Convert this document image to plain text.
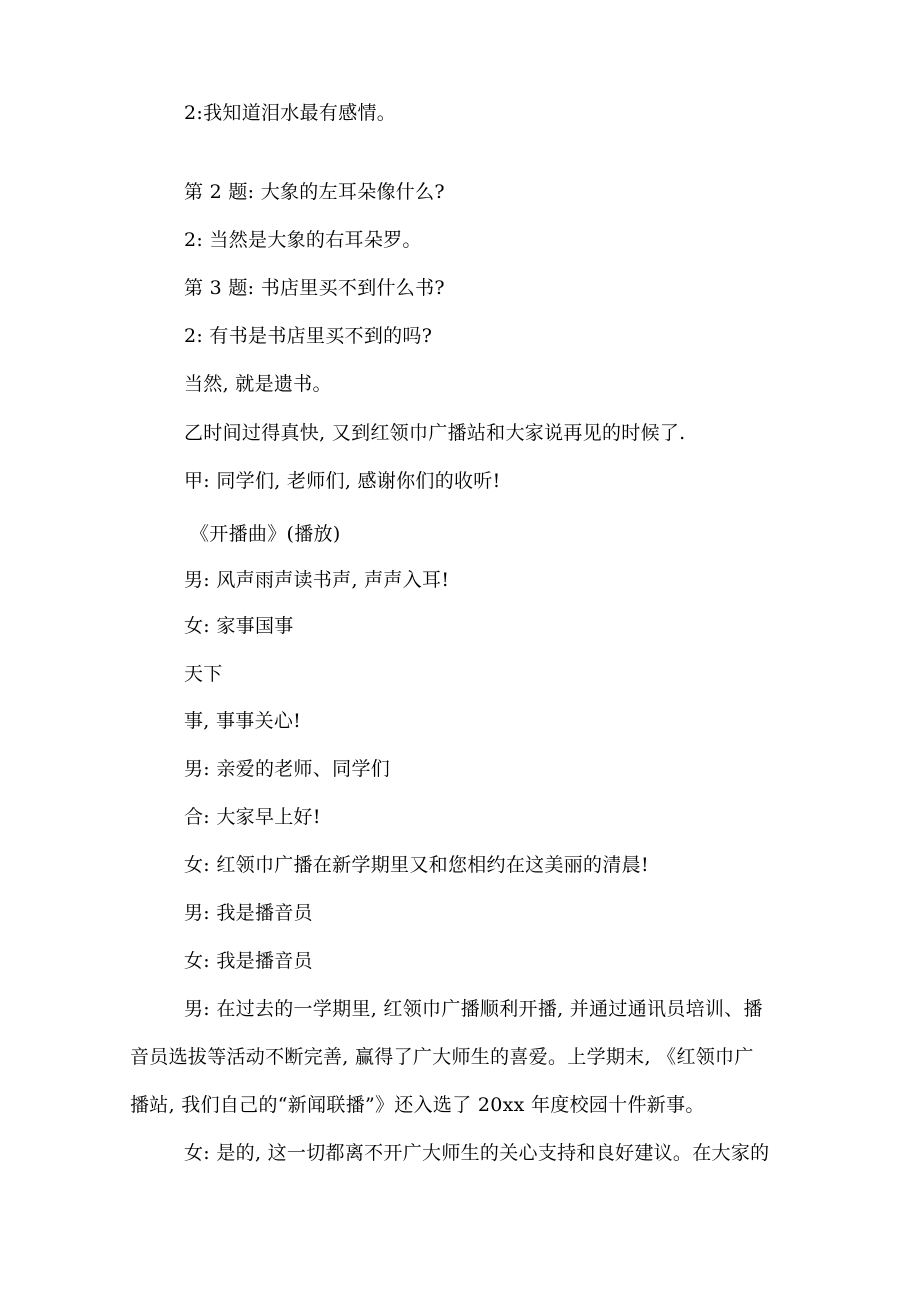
2:我知道泪水最有感情。
第 2 题: 大象的左耳朵像什么?
2: 当然是大象的右耳朵罗。
第 3 题: 书店里买不到什么书?
2: 有书是书店里买不到的吗?
当然, 就是遗书。
乙时间过得真快, 又到红领巾广播站和大家说再见的时候了.
甲: 同学们, 老师们, 感谢你们的收听!
《开播曲》(播放)
男: 风声雨声读书声, 声声入耳!
女: 家事国事
天下
事, 事事关心!
男: 亲爱的老师、同学们
合: 大家早上好!
女: 红领巾广播在新学期里又和您相约在这美丽的清晨!
男: 我是播音员
女: 我是播音员
男: 在过去的一学期里, 红领巾广播顺利开播, 并通过通讯员培训、播
音员选拔等活动不断完善, 赢得了广大师生的喜爱。上学期末, 《红领巾广
播站, 我们自己的“新闻联播”》还入选了 20xx 年度校园十件新事。
女: 是的, 这一切都离不开广大师生的关心支持和良好建议。在大家的
